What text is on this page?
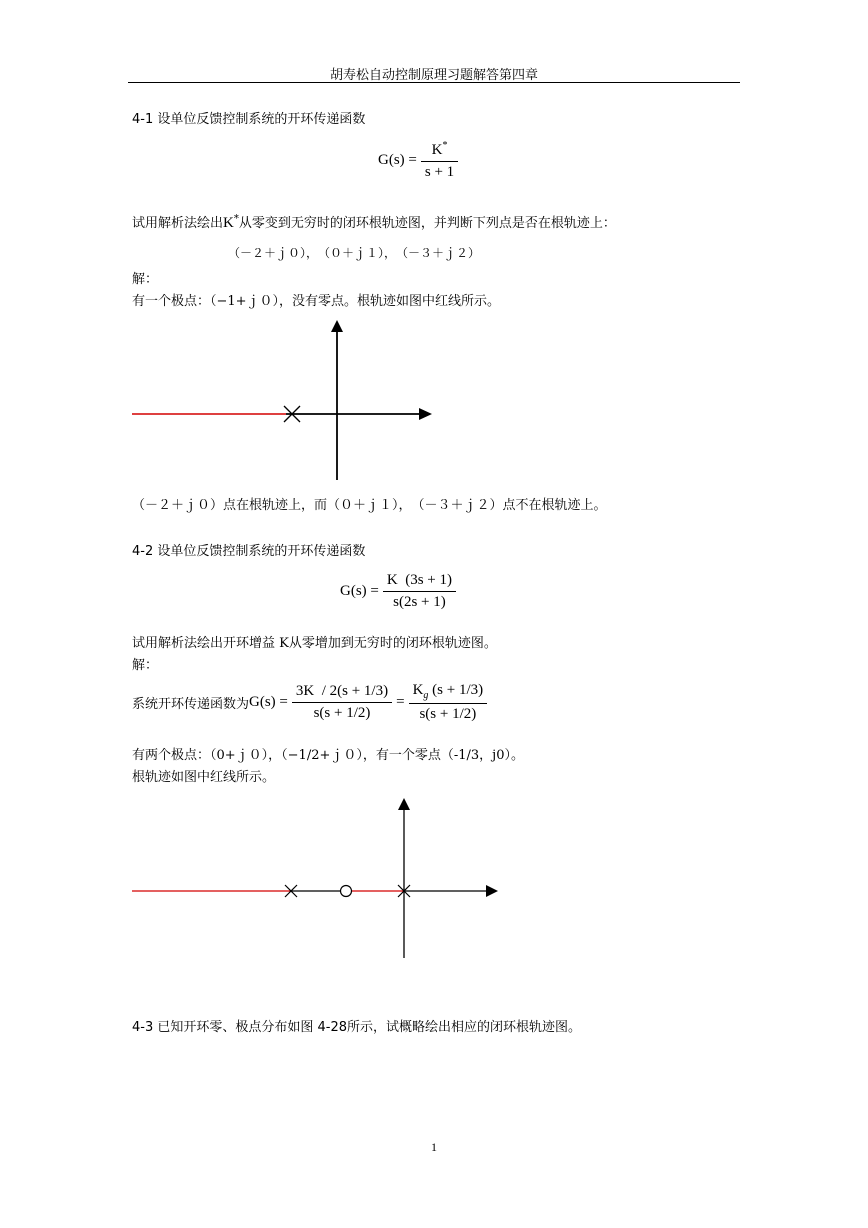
胡寿松自动控制原理习题解答第四章
4-1 设单位反馈控制系统的开环传递函数
$G(s) = \frac{K^*}{s + 1}$
试用解析法绘出K*从零变到无穷时的闭环根轨迹图，并判断下列点是否在根轨迹上：
（－２＋ｊ０），　（０＋ｊ１），　（－３＋ｊ２）
解：
有一个极点：（−1+ｊ０），没有零点。根轨迹如图中红线所示。
（－２＋ｊ０）点在根轨迹上，而（０＋ｊ１），　（－３＋ｊ２）点不在根轨迹上。
4-2 设单位反馈控制系统的开环传递函数
$G(s) = \frac{K (3s + 1)}{s(2s + 1)}$
试用解析法绘出开环增益 K从零增加到无穷时的闭环根轨迹图。
解：
系统开环传递函数为 $G(s) = \frac{3K / 2(s + 1/3)}{s(s + 1/2)} = \frac{K_g (s + 1/3)}{s(s + 1/2)}$
有两个极点：（0+ｊ０），（−1/2+ｊ０），有一个零点（-1/3，j0）。
根轨迹如图中红线所示。
4-3 已知开环零、极点分布如图 4-28所示，试概略绘出相应的闭环根轨迹图。
1
